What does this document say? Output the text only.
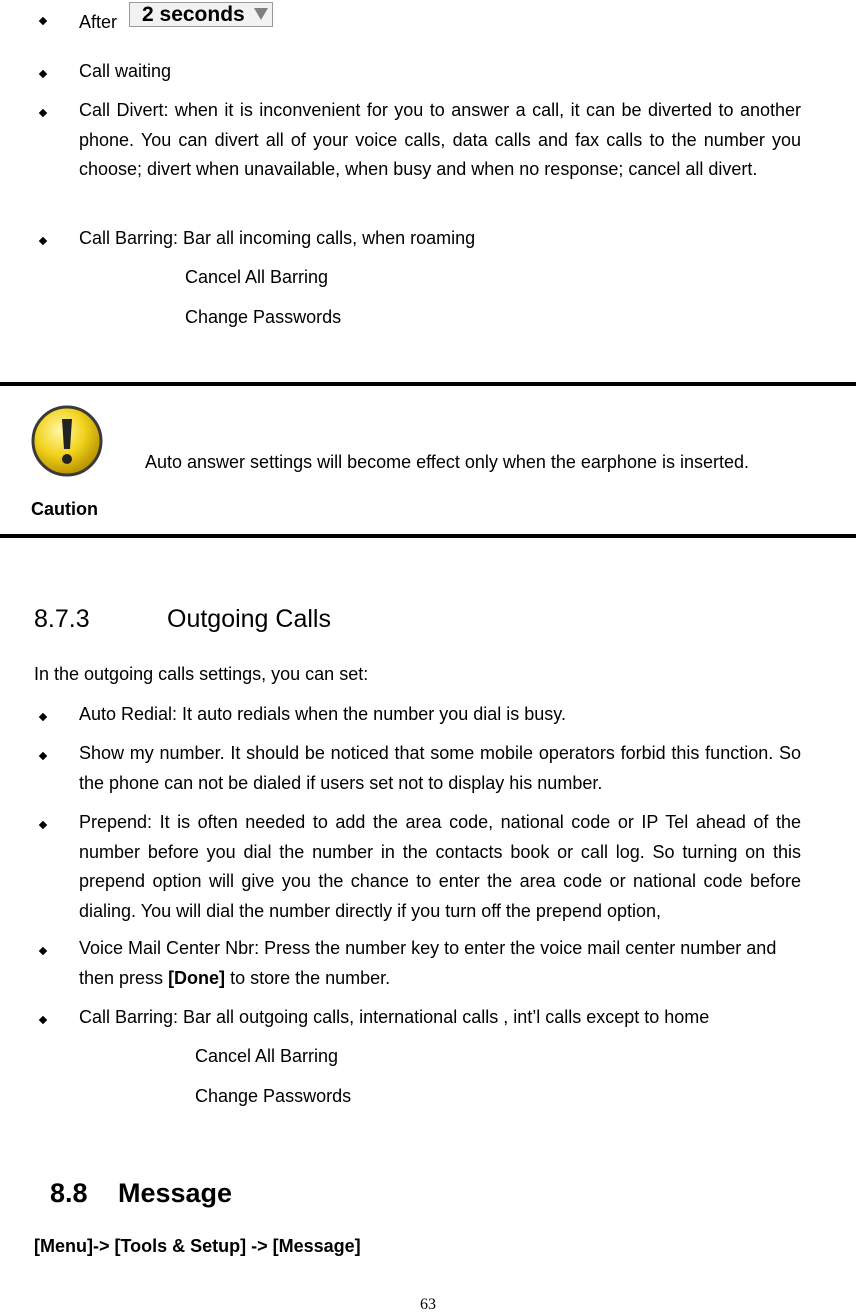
After 2 seconds
Call waiting
Call Divert: when it is inconvenient for you to answer a call, it can be diverted to another phone. You can divert all of your voice calls, data calls and fax calls to the number you choose; divert when unavailable, when busy and when no response; cancel all divert.
Call Barring: Bar all incoming calls, when roaming
Cancel All Barring
Change Passwords
Auto answer settings will become effect only when the earphone is inserted.
Caution
8.7.3	Outgoing Calls
In the outgoing calls settings, you can set:
Auto Redial: It auto redials when the number you dial is busy.
Show my number. It should be noticed that some mobile operators forbid this function. So the phone can not be dialed if users set not to display his number.
Prepend: It is often needed to add the area code, national code or IP Tel ahead of the number before you dial the number in the contacts book or call log. So turning on this prepend option will give you the chance to enter the area code or national code before dialing. You will dial the number directly if you turn off the prepend option,
Voice Mail Center Nbr: Press the number key to enter the voice mail center number and then press [Done] to store the number.
Call Barring: Bar all outgoing calls, international calls , int’l calls except to home
Cancel All Barring
Change Passwords
8.8 Message
[Menu]-> [Tools & Setup] -> [Message]
63
